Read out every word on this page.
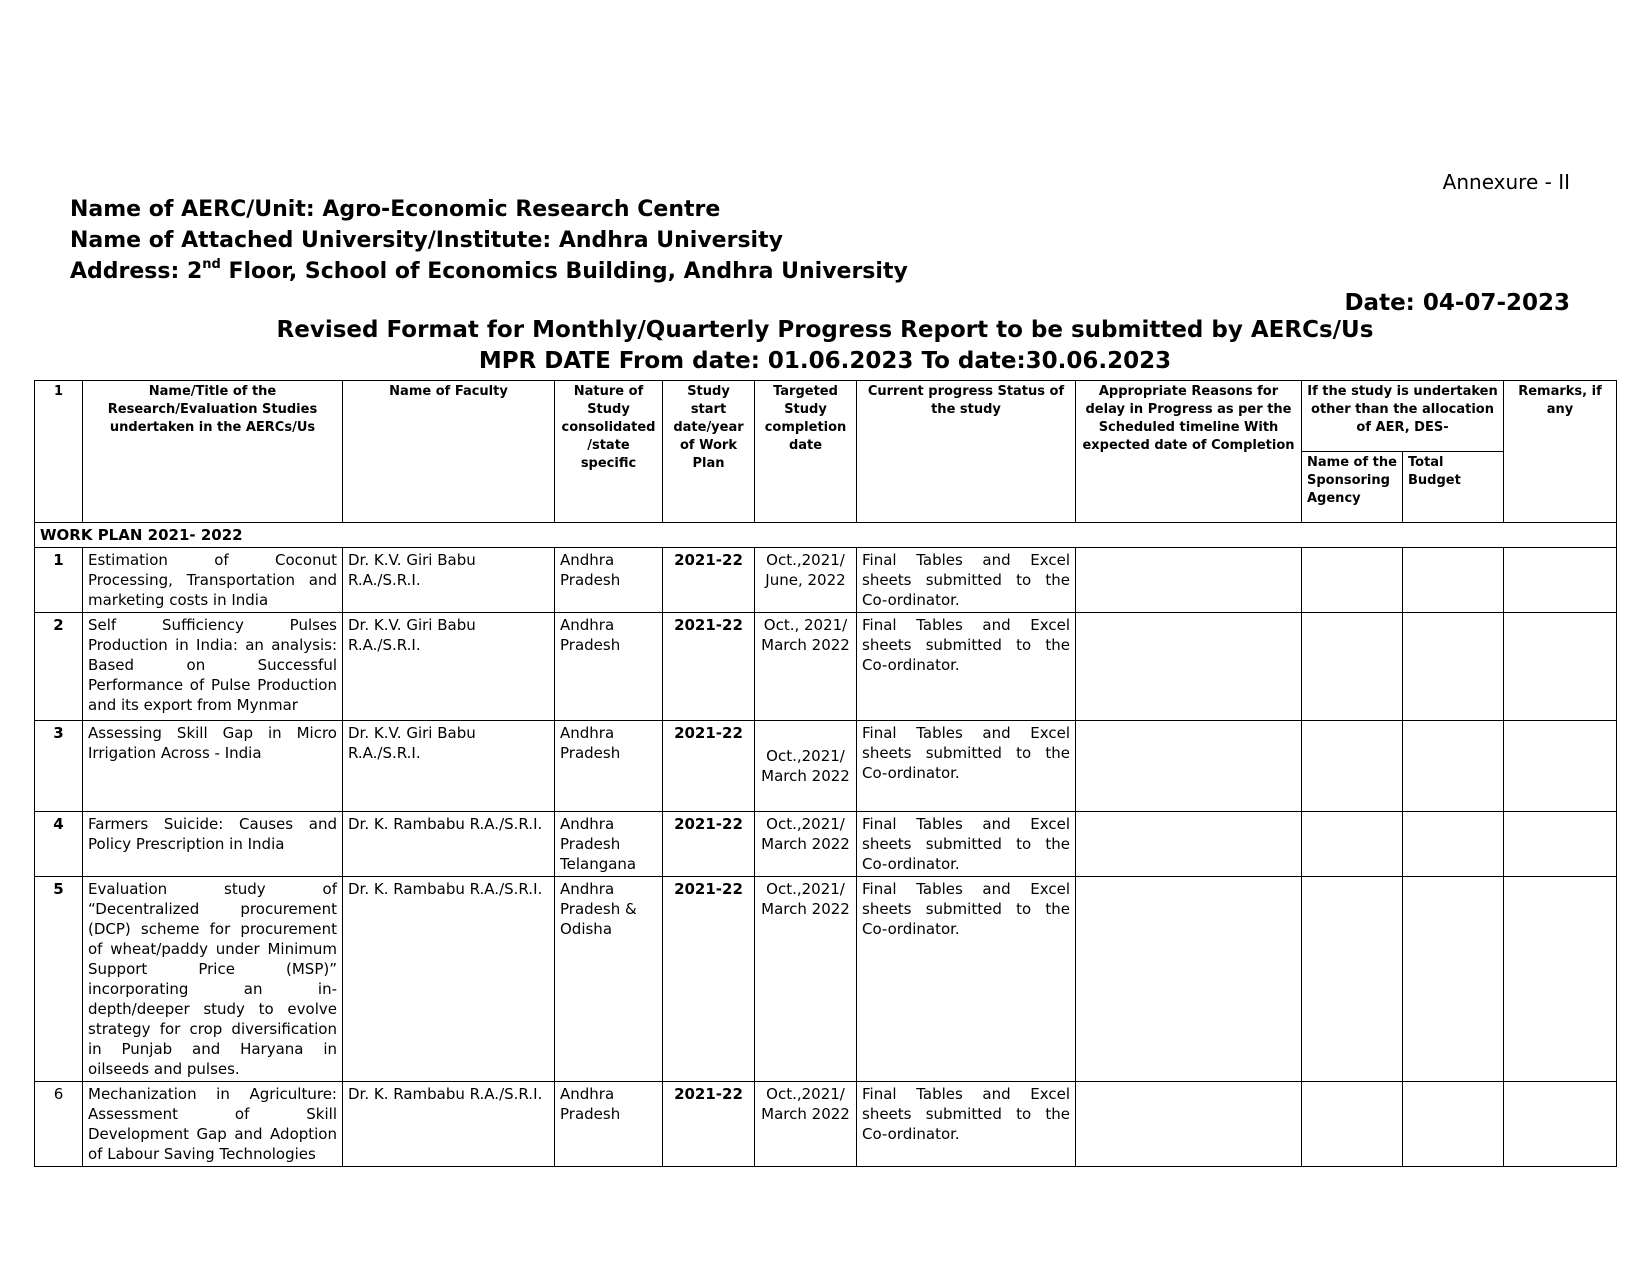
Annexure - II
Name of AERC/Unit: Agro-Economic Research Centre
Name of Attached University/Institute: Andhra University
Address: 2nd Floor, School of Economics Building, Andhra University
Date: 04-07-2023
Revised Format for Monthly/Quarterly Progress Report to be submitted by AERCs/Us
MPR DATE From date: 01.06.2023 To date:30.06.2023
1	Name/Title of the Research/Evaluation Studies undertaken in the AERCs/Us	Name of Faculty	Nature of Study consolidated /state specific	Study start date/year of Work Plan	Targeted Study completion date	Current progress Status of the study	Appropriate Reasons for delay in Progress as per the Scheduled timeline With expected date of Completion	If the study is undertaken other than the allocation of AER, DES-		Remarks, if any
								Name of the Sponsoring Agency	Total Budget	
WORK PLAN 2021- 2022										
1	Estimation of Coconut Processing, Transportation and marketing costs in India	Dr. K.V. Giri Babu R.A./S.R.I.	Andhra Pradesh	2021-22	Oct.,2021/ June, 2022	Final Tables and Excel sheets submitted to the Co-ordinator.				
2	Self Sufficiency Pulses Production in India: an analysis: Based on Successful Performance of Pulse Production and its export from Mynmar	Dr. K.V. Giri Babu R.A./S.R.I.	Andhra Pradesh	2021-22	Oct., 2021/ March 2022	Final Tables and Excel sheets submitted to the Co-ordinator.				
3	Assessing Skill Gap in Micro Irrigation Across - India	Dr. K.V. Giri Babu R.A./S.R.I.	Andhra Pradesh	2021-22	Oct.,2021/ March 2022	Final Tables and Excel sheets submitted to the Co-ordinator.				
4	Farmers Suicide: Causes and Policy Prescription in India	Dr. K. Rambabu R.A./S.R.I.	Andhra Pradesh Telangana	2021-22	Oct.,2021/ March 2022	Final Tables and Excel sheets submitted to the Co-ordinator.				
5	Evaluation study of “Decentralized procurement (DCP) scheme for procurement of wheat/paddy under Minimum Support Price (MSP)” incorporating an in-depth/deeper study to evolve strategy for crop diversification in Punjab and Haryana in oilseeds and pulses.	Dr. K. Rambabu R.A./S.R.I.	Andhra Pradesh & Odisha	2021-22	Oct.,2021/ March 2022	Final Tables and Excel sheets submitted to the Co-ordinator.				
6	Mechanization in Agriculture: Assessment of Skill Development Gap and Adoption of Labour Saving Technologies	Dr. K. Rambabu R.A./S.R.I.	Andhra Pradesh	2021-22	Oct.,2021/ March 2022	Final Tables and Excel sheets submitted to the Co-ordinator.				
